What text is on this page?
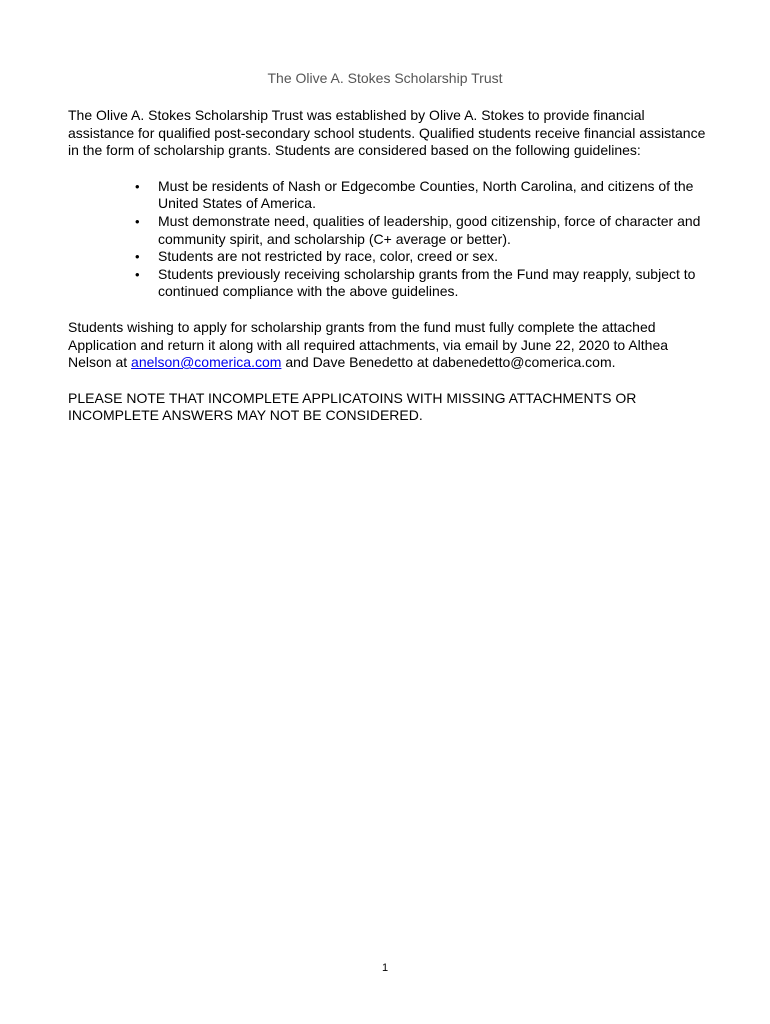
The Olive A. Stokes Scholarship Trust

The Olive A. Stokes Scholarship Trust was established by Olive A. Stokes to provide financial assistance for qualified post-secondary school students. Qualified students receive financial assistance in the form of scholarship grants. Students are considered based on the following guidelines:

•	Must be residents of Nash or Edgecombe Counties, North Carolina, and citizens of the United States of America.
•	Must demonstrate need, qualities of leadership, good citizenship, force of character and community spirit, and scholarship (C+ average or better).
•	Students are not restricted by race, color, creed or sex.
•	Students previously receiving scholarship grants from the Fund may reapply, subject to continued compliance with the above guidelines.

Students wishing to apply for scholarship grants from the fund must fully complete the attached Application and return it along with all required attachments, via email by June 22, 2020 to Althea Nelson at anelson@comerica.com and Dave Benedetto at dabenedetto@comerica.com.

PLEASE NOTE THAT INCOMPLETE APPLICATOINS WITH MISSING ATTACHMENTS OR INCOMPLETE ANSWERS MAY NOT BE CONSIDERED.

1
